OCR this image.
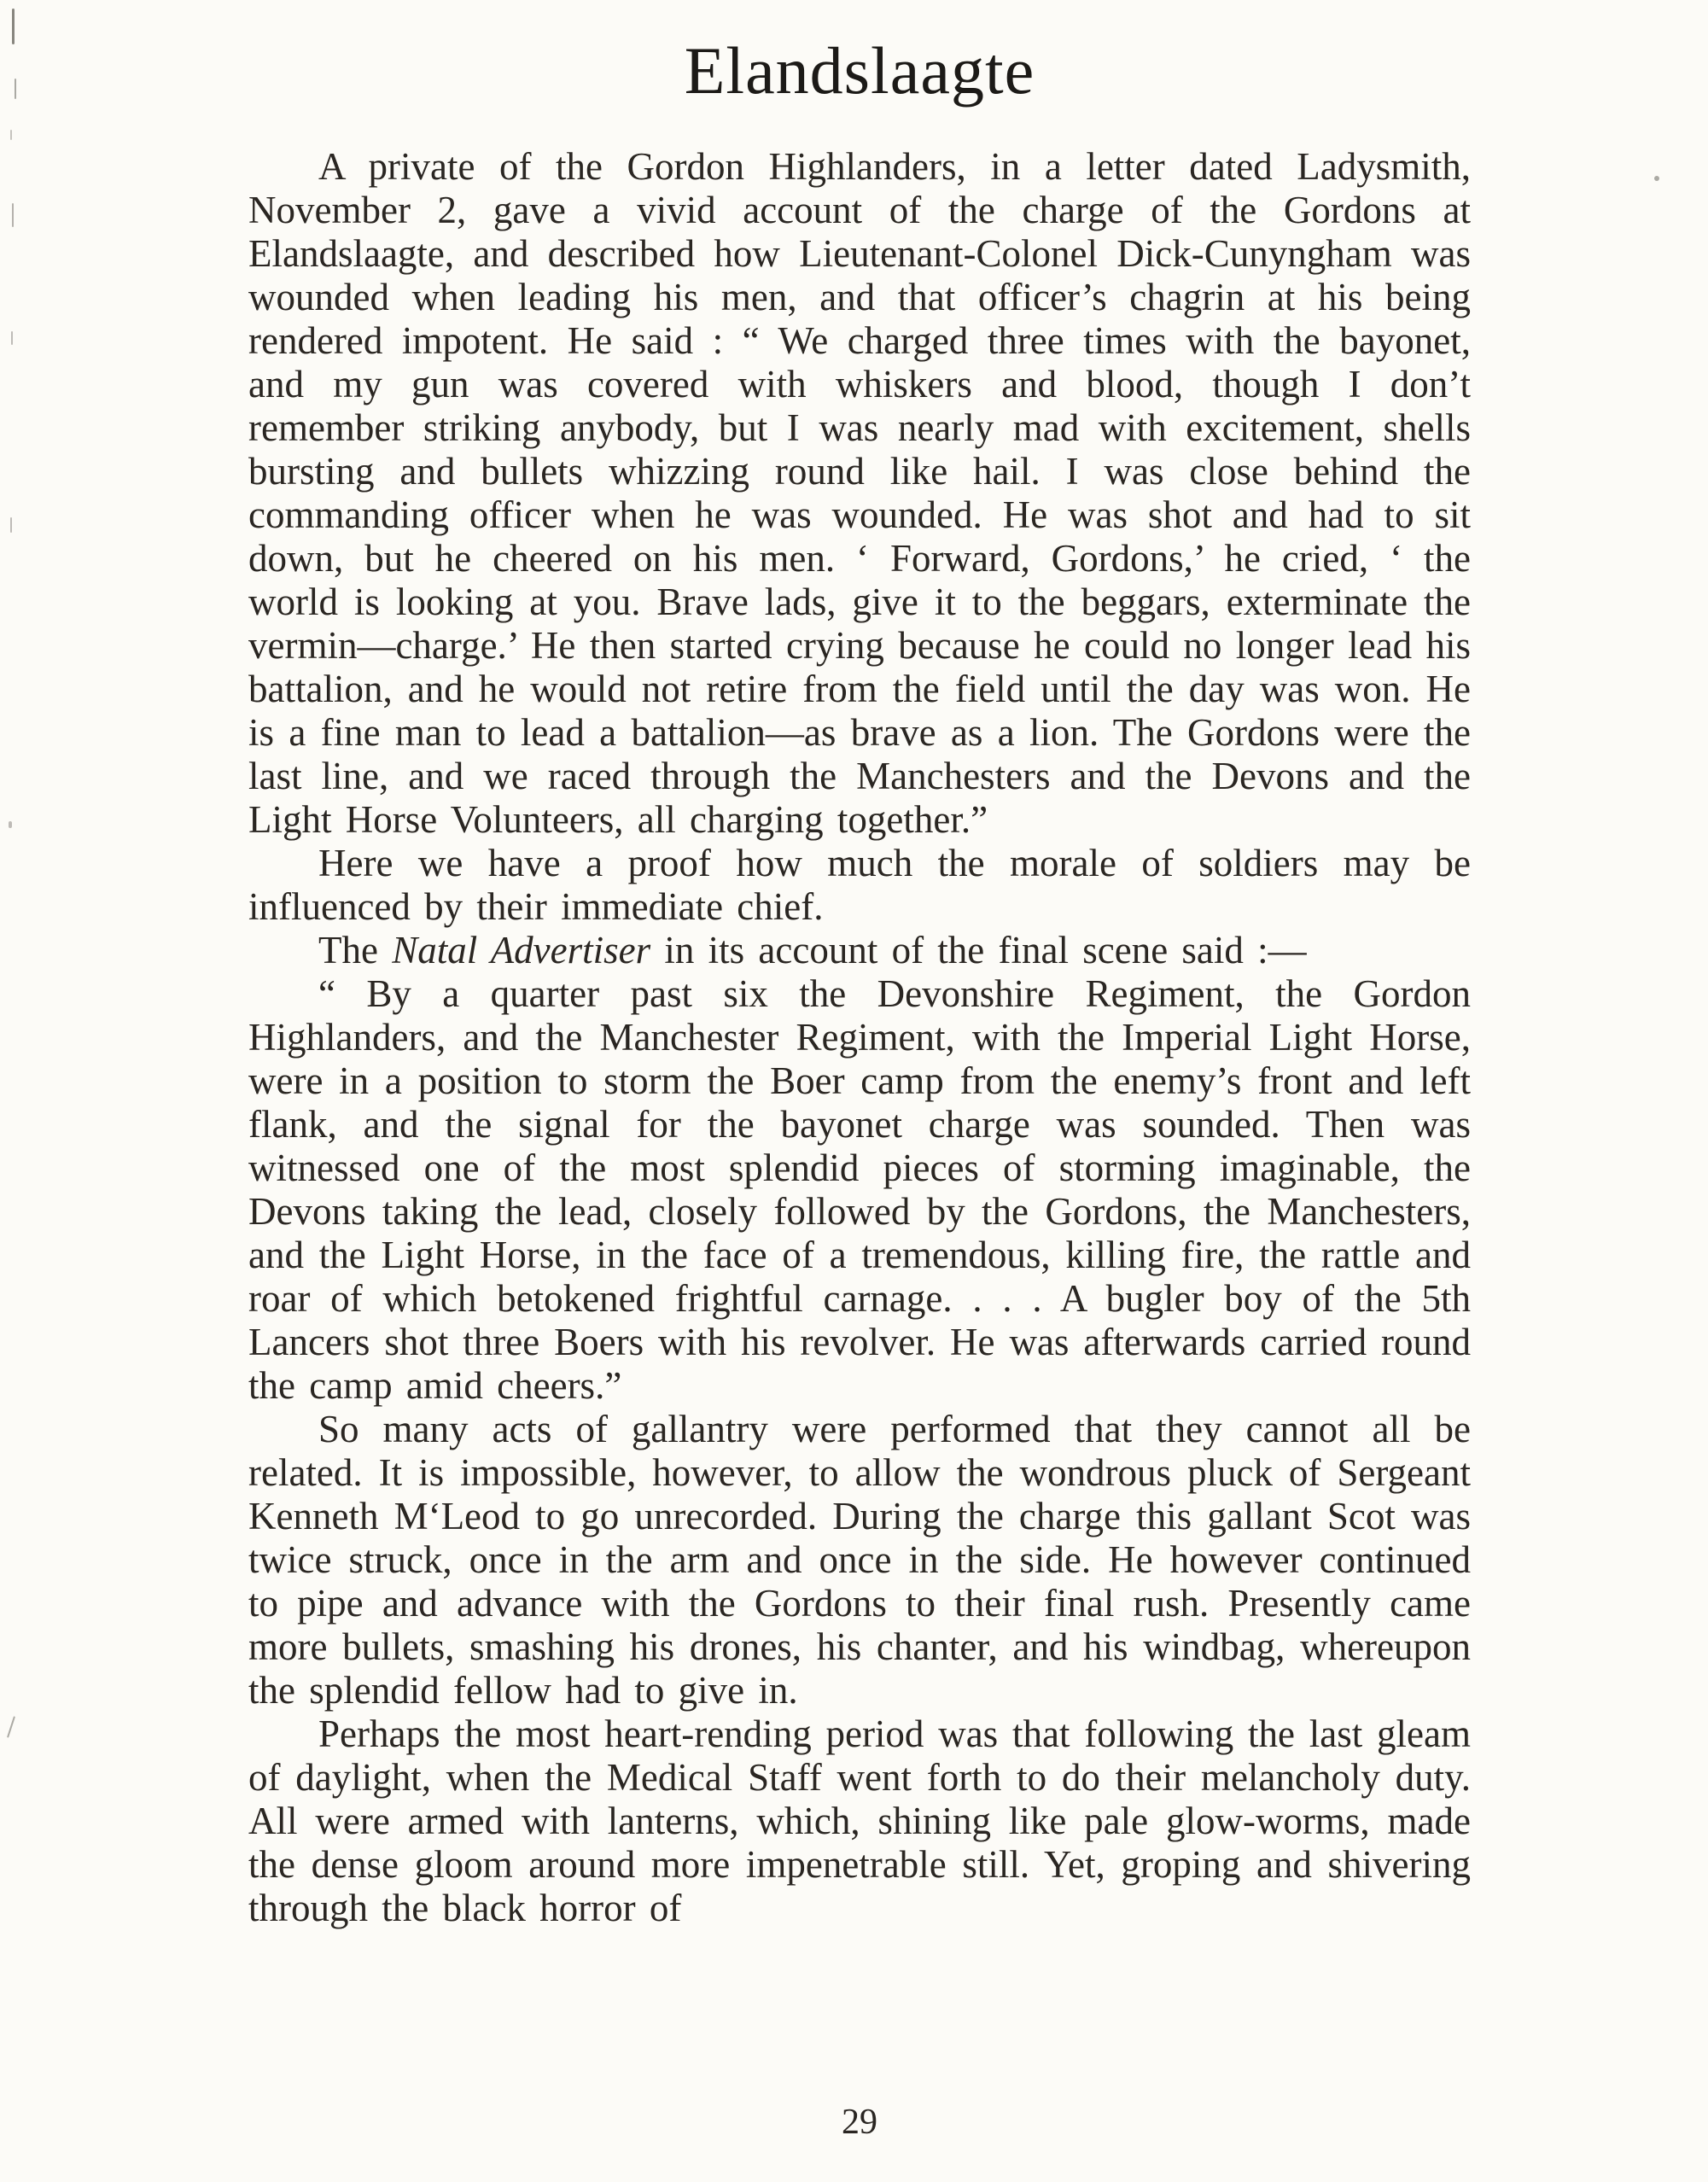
Elandslaagte

A private of the Gordon Highlanders, in a letter dated Ladysmith, November 2, gave a vivid account of the charge of the Gordons at Elandslaagte, and described how Lieutenant-Colonel Dick-Cunyngham was wounded when leading his men, and that officer’s chagrin at his being rendered impotent. He said : “ We charged three times with the bayonet, and my gun was covered with whiskers and blood, though I don’t remember striking anybody, but I was nearly mad with excitement, shells bursting and bullets whizzing round like hail. I was close behind the commanding officer when he was wounded. He was shot and had to sit down, but he cheered on his men. ‘ Forward, Gordons,’ he cried, ‘ the world is looking at you. Brave lads, give it to the beggars, exterminate the vermin—charge.’ He then started crying because he could no longer lead his battalion, and he would not retire from the field until the day was won. He is a fine man to lead a battalion—as brave as a lion. The Gordons were the last line, and we raced through the Manchesters and the Devons and the Light Horse Volunteers, all charging together.”

Here we have a proof how much the morale of soldiers may be influenced by their immediate chief.

The Natal Advertiser in its account of the final scene said :—

“ By a quarter past six the Devonshire Regiment, the Gordon Highlanders, and the Manchester Regiment, with the Imperial Light Horse, were in a position to storm the Boer camp from the enemy’s front and left flank, and the signal for the bayonet charge was sounded. Then was witnessed one of the most splendid pieces of storming imaginable, the Devons taking the lead, closely followed by the Gordons, the Manchesters, and the Light Horse, in the face of a tremendous, killing fire, the rattle and roar of which betokened frightful carnage. . . . A bugler boy of the 5th Lancers shot three Boers with his revolver. He was afterwards carried round the camp amid cheers.”

So many acts of gallantry were performed that they cannot all be related. It is impossible, however, to allow the wondrous pluck of Sergeant Kenneth M‘Leod to go unrecorded. During the charge this gallant Scot was twice struck, once in the arm and once in the side. He however continued to pipe and advance with the Gordons to their final rush. Presently came more bullets, smashing his drones, his chanter, and his windbag, whereupon the splendid fellow had to give in.

Perhaps the most heart-rending period was that following the last gleam of daylight, when the Medical Staff went forth to do their melancholy duty. All were armed with lanterns, which, shining like pale glow-worms, made the dense gloom around more impenetrable still. Yet, groping and shivering through the black horror of

29
